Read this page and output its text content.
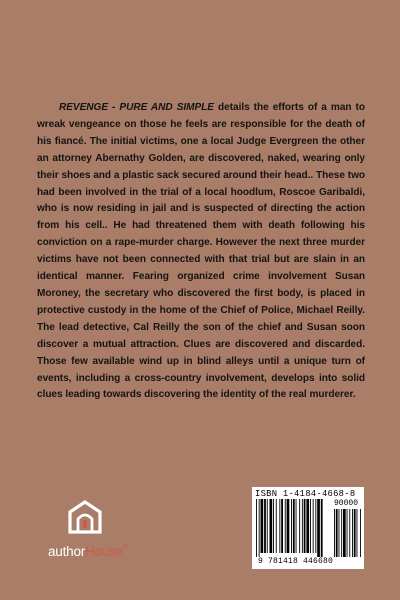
REVENGE - PURE AND SIMPLE details the efforts of a man to wreak vengeance on those he feels are responsible for the death of his fiancé. The initial victims, one a local Judge Evergreen the other an attorney Abernathy Golden, are discovered, naked, wearing only their shoes and a plastic sack secured around their head.. These two had been involved in the trial of a local hoodlum, Roscoe Garibaldi, who is now residing in jail and is suspected of directing the action from his cell.. He had threatened them with death following his conviction on a rape-murder charge. However the next three murder victims have not been connected with that trial but are slain in an identical manner. Fearing organized crime involvement Susan Moroney, the secretary who discovered the first body, is placed in protective custody in the home of the Chief of Police, Michael Reilly. The lead detective, Cal Reilly the son of the chief and Susan soon discover a mutual attraction. Clues are discovered and discarded. Those few available wind up in blind alleys until a unique turn of events, including a cross-country involvement, develops into solid clues leading towards discovering the identity of the real murderer.

authorHouse®
ISBN 1-4184-4668-8
90000
9 781418 446680
